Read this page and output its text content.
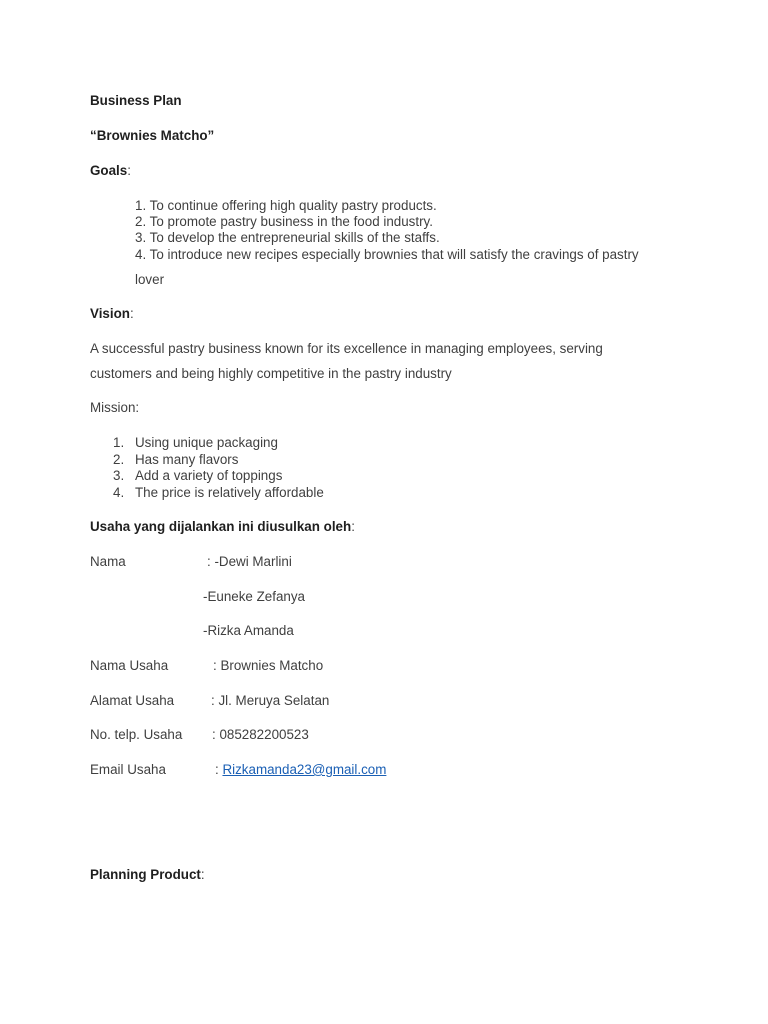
Business Plan
“Brownies Matcho”
Goals:
1. To continue offering high quality pastry products.
2. To promote pastry business in the food industry.
3. To develop the entrepreneurial skills of the staffs.
4. To introduce new recipes especially brownies that will satisfy the cravings of pastry
lover
Vision:
A successful pastry business known for its excellence in managing employees, serving
customers and being highly competitive in the pastry industry
Mission:
1. Using unique packaging
2. Has many flavors
3. Add a variety of toppings
4. The price is relatively affordable
Usaha yang dijalankan ini diusulkan oleh:
Nama	: -Dewi Marlini
-Euneke Zefanya
-Rizka Amanda
Nama Usaha	: Brownies Matcho
Alamat Usaha	: Jl. Meruya Selatan
No. telp. Usaha : 085282200523
Email Usaha	: Rizkamanda23@gmail.com
Planning Product:
